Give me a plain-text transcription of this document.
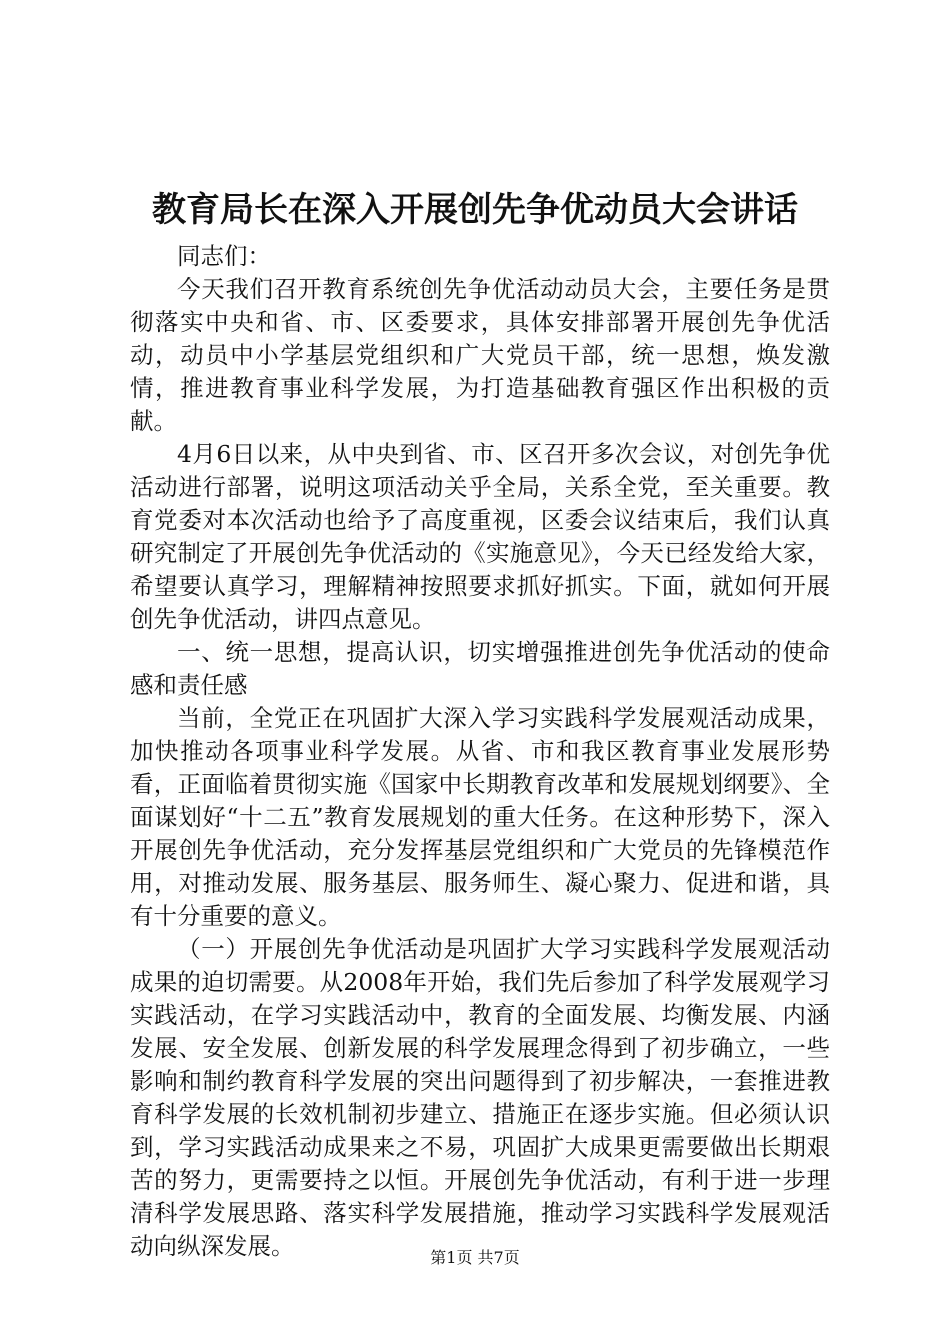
教育局长在深入开展创先争优动员大会讲话

同志们：

今天我们召开教育系统创先争优活动动员大会，主要任务是贯彻落实中央和省、市、区委要求，具体安排部署开展创先争优活动，动员中小学基层党组织和广大党员干部，统一思想，焕发激情，推进教育事业科学发展，为打造基础教育强区作出积极的贡献。

4月6日以来，从中央到省、市、区召开多次会议，对创先争优活动进行部署，说明这项活动关乎全局，关系全党，至关重要。教育党委对本次活动也给予了高度重视，区委会议结束后，我们认真研究制定了开展创先争优活动的《实施意见》，今天已经发给大家，希望要认真学习，理解精神按照要求抓好抓实。下面，就如何开展创先争优活动，讲四点意见。

一、统一思想，提高认识，切实增强推进创先争优活动的使命感和责任感

当前，全党正在巩固扩大深入学习实践科学发展观活动成果，加快推动各项事业科学发展。从省、市和我区教育事业发展形势看，正面临着贯彻实施《国家中长期教育改革和发展规划纲要》、全面谋划好“十二五”教育发展规划的重大任务。在这种形势下，深入开展创先争优活动，充分发挥基层党组织和广大党员的先锋模范作用，对推动发展、服务基层、服务师生、凝心聚力、促进和谐，具有十分重要的意义。

（一）开展创先争优活动是巩固扩大学习实践科学发展观活动成果的迫切需要。从2008年开始，我们先后参加了科学发展观学习实践活动，在学习实践活动中，教育的全面发展、均衡发展、内涵发展、安全发展、创新发展的科学发展理念得到了初步确立，一些影响和制约教育科学发展的突出问题得到了初步解决，一套推进教育科学发展的长效机制初步建立、措施正在逐步实施。但必须认识到，学习实践活动成果来之不易，巩固扩大成果更需要做出长期艰苦的努力，更需要持之以恒。开展创先争优活动，有利于进一步理清科学发展思路、落实科学发展措施，推动学习实践科学发展观活动向纵深发展。	第1页 共7页
